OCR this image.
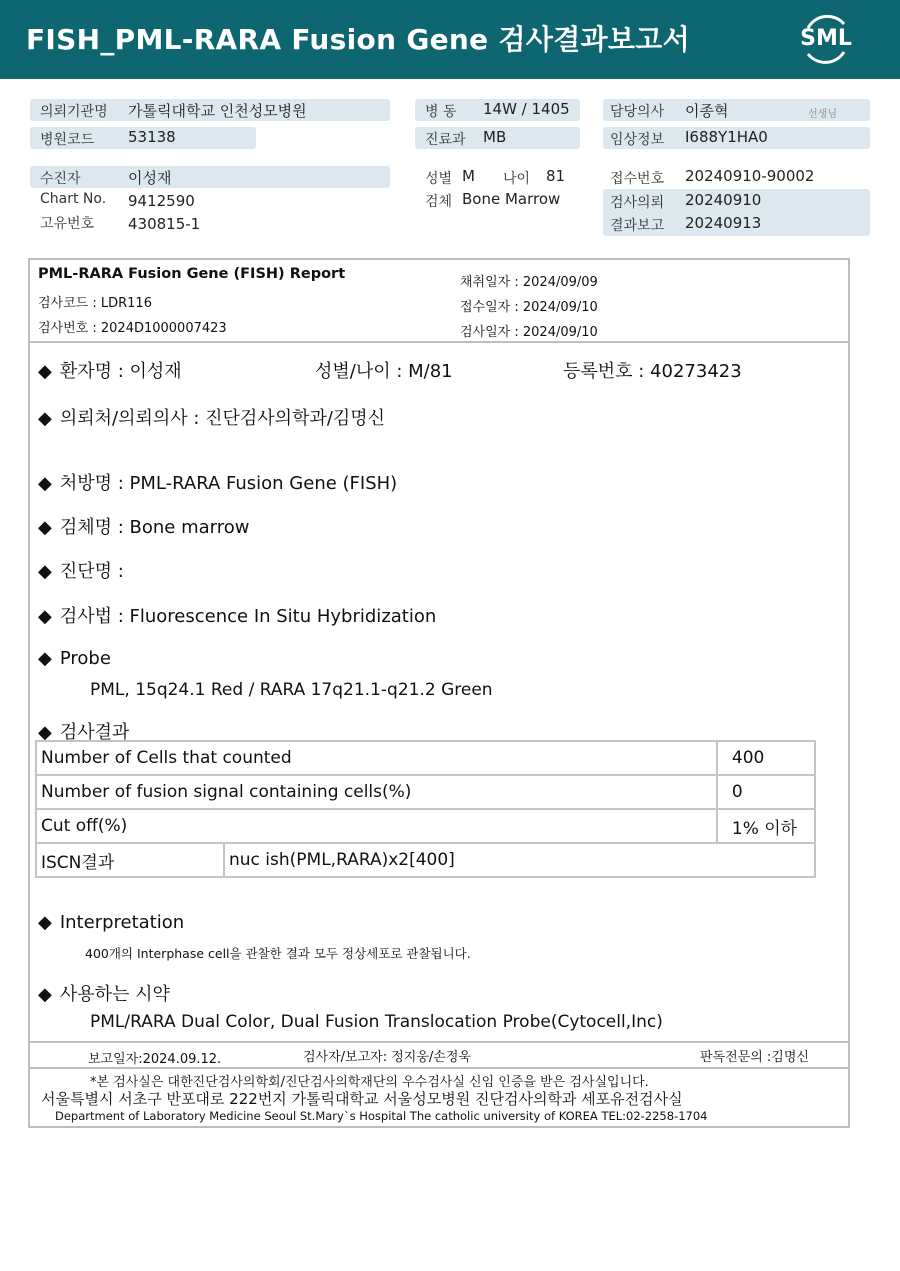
FISH_PML-RARA Fusion Gene 검사결과보고서	SML
의뢰기관명 가톨릭대학교 인천성모병원
병원코드 53138
수진자	이성재
Chart No. 9412590
고유번호 430815-1
병 동 14W / 1405
진료과 MB
성별 M 나이 81
검체 Bone Marrow
담당의사 이종혁	선생님
임상정보 I688Y1HA0
접수번호 20240910-90002
검사의뢰 20240910
결과보고 20240913
PML-RARA Fusion Gene (FISH) Report
검사코드 : LDR116
검사번호 : 2024D1000007423
채취일자 : 2024/09/09
접수일자 : 2024/09/10
검사일자 : 2024/09/10
◆ 환자명 : 이성재	성별/나이 : M/81	등록번호 : 40273423
◆ 의뢰처/의뢰의사 : 진단검사의학과/김명신
◆ 처방명 : PML-RARA Fusion Gene (FISH)
◆ 검체명 : Bone marrow
◆ 진단명 :
◆ 검사법 : Fluorescence In Situ Hybridization
◆ Probe
PML, 15q24.1 Red / RARA 17q21.1-q21.2 Green
◆ 검사결과
Number of Cells that counted		400
Number of fusion signal containing cells(%)		0
Cut off(%)		1% 이하
ISCN결과	nuc ish(PML,RARA)x2[400]	
◆ Interpretation
400개의 Interphase cell을 관찰한 결과 모두 정상세포로 관찰됩니다.
◆ 사용하는 시약
PML/RARA Dual Color, Dual Fusion Translocation Probe(Cytocell,Inc)
보고일자:2024.09.12.	검사자/보고자: 정지웅/손정욱	판독전문의 :김명신
*본 검사실은 대한진단검사의학회/진단검사의학재단의 우수검사실 신임 인증을 받은 검사실입니다.
서울특별시 서초구 반포대로 222번지 가톨릭대학교 서울성모병원 진단검사의학과 세포유전검사실
Department of Laboratory Medicine Seoul St.Mary`s Hospital The catholic university of KOREA TEL:02-2258-1704
